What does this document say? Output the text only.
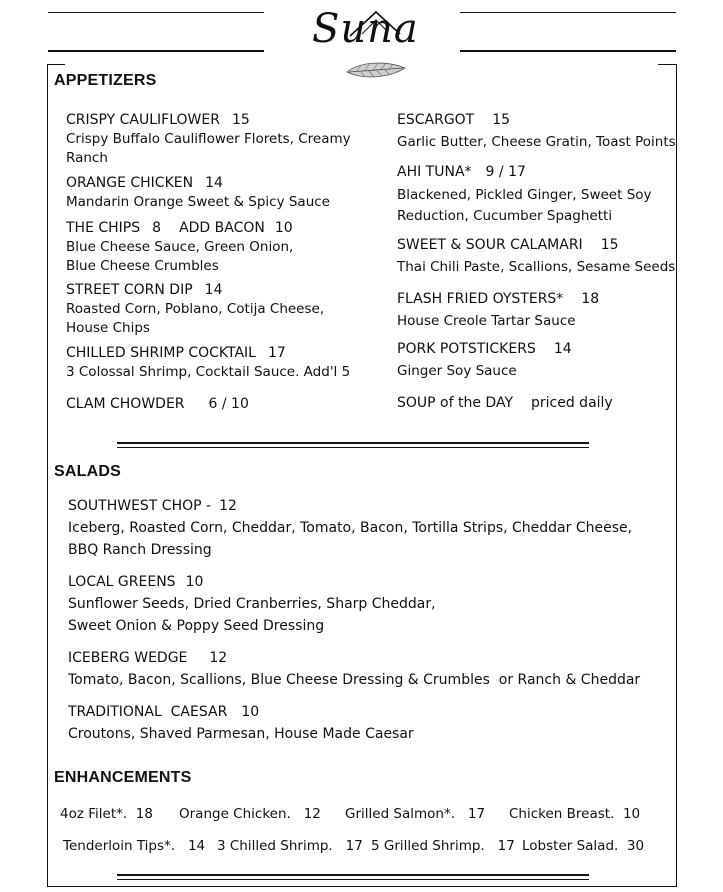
Suna
APPETIZERS
CRISPY CAULIFLOWER 15
Crispy Buffalo Cauliflower Florets, Creamy Ranch
ORANGE CHICKEN 14
Mandarin Orange Sweet & Spicy Sauce
THE CHIPS 8 ADD BACON 10
Blue Cheese Sauce, Green Onion, Blue Cheese Crumbles
STREET CORN DIP 14
Roasted Corn, Poblano, Cotija Cheese, House Chips
CHILLED SHRIMP COCKTAIL 17
3 Colossal Shrimp, Cocktail Sauce. Add'l 5
CLAM CHOWDER 6 / 10
ESCARGOT 15
Garlic Butter, Cheese Gratin, Toast Points
AHI TUNA* 9 / 17
Blackened, Pickled Ginger, Sweet Soy Reduction, Cucumber Spaghetti
SWEET & SOUR CALAMARI 15
Thai Chili Paste, Scallions, Sesame Seeds
FLASH FRIED OYSTERS* 18
House Creole Tartar Sauce
PORK POTSTICKERS 14
Ginger Soy Sauce
SOUP of the DAY priced daily
SALADS
SOUTHWEST CHOP - 12
Iceberg, Roasted Corn, Cheddar, Tomato, Bacon, Tortilla Strips, Cheddar Cheese, BBQ Ranch Dressing
LOCAL GREENS 10
Sunflower Seeds, Dried Cranberries, Sharp Cheddar, Sweet Onion & Poppy Seed Dressing
ICEBERG WEDGE 12
Tomato, Bacon, Scallions, Blue Cheese Dressing & Crumbles  or Ranch & Cheddar
TRADITIONAL  CAESAR 10
Croutons, Shaved Parmesan, House Made Caesar
ENHANCEMENTS
4oz Filet*. 18 Orange Chicken. 12 Grilled Salmon*. 17 Chicken Breast. 10
Tenderloin Tips*. 14 3 Chilled Shrimp. 17 5 Grilled Shrimp. 17 Lobster Salad. 30
